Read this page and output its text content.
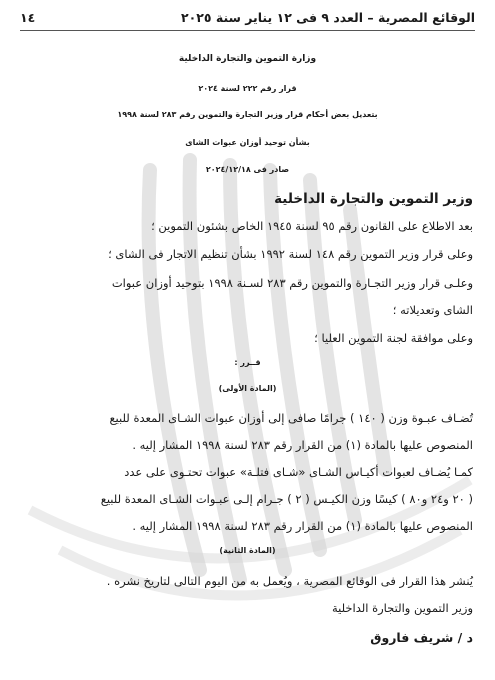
الوقائع المصرية – العدد ٩ فى ١٢ يناير سنة ٢٠٢٥
١٤
وزارة التموين والتجارة الداخلية
قرار رقم ٢٢٢ لسنة ٢٠٢٤
بتعديل بعض أحكام قرار وزير التجارة والتموين رقم ٢٨٣ لسنة ١٩٩٨
بشأن توحيد أوزان عبوات الشاى
صادر فى ٢٠٢٤/١٢/١٨
وزير التموين والتجارة الداخلية
بعد الاطلاع على القانون رقم ٩٥ لسنة ١٩٤٥ الخاص بشئون التموين ؛
وعلى قرار وزير التموين رقم ١٤٨ لسنة ١٩٩٢ بشأن تنظيم الاتجار فى الشاى ؛
وعلـى قرار وزير التجـارة والتموين رقم ٢٨٣ لسـنة ١٩٩٨ بتوحيد أوزان عبوات
الشاى وتعديلاته ؛
وعلى موافقة لجنة التموين العليا ؛
قــرر :
(المادة الأولى)
تُضـاف عبـوة وزن ( ١٤٠ ) جرامًا صافى إلى أوزان عبوات الشـاى المعدة للبيع
المنصوص عليها بالمادة (١) من القرار رقم ٢٨٣ لسنة ١٩٩٨ المشار إليه .
كمـا يُضـاف لعبوات أكيـاس الشـاى «شـاى فتلـة» عبوات تحتـوى على عدد
( ٢٠ و٢٤ و٨٠ ) كيسًا وزن الكيـس ( ٢ ) جـرام إلـى عبـوات الشـاى المعدة للبيع
المنصوص عليها بالمادة (١) من القرار رقم ٢٨٣ لسنة ١٩٩٨ المشار إليه .
(المادة الثانية)
يُنشر هذا القرار فى الوقائع المصرية ، ويُعمل به من اليوم التالى لتاريخ نشره .
وزير التموين والتجارة الداخلية
د / شريف فاروق
